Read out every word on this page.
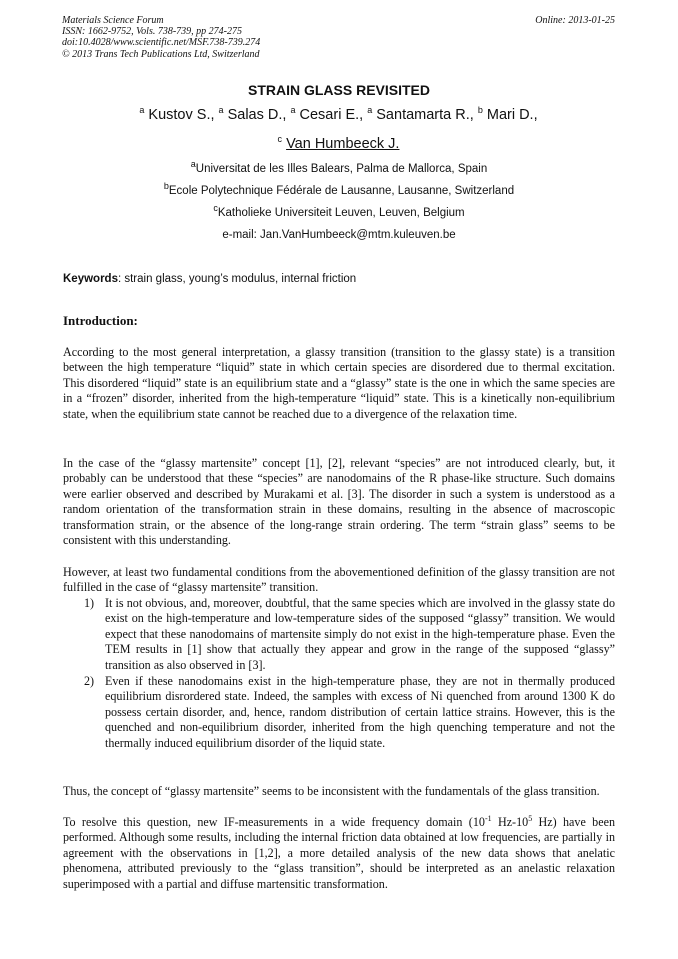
Materials Science Forum
ISSN: 1662-9752, Vols. 738-739, pp 274-275
doi:10.4028/www.scientific.net/MSF.738-739.274
© 2013 Trans Tech Publications Ltd, Switzerland
Online: 2013-01-25
STRAIN GLASS REVISITED
$^a$ Kustov S., $^a$ Salas D., $^a$ Cesari E., $^a$ Santamarta R., $^b$ Mari D.,
$^c$ Van Humbeeck J.
$^a$Universitat de les Illes Balears, Palma de Mallorca, Spain
$^b$Ecole Polytechnique Fédérale de Lausanne, Lausanne, Switzerland
$^c$Katholieke Universiteit Leuven, Leuven, Belgium
e-mail: Jan.VanHumbeeck@mtm.kuleuven.be
Keywords: strain glass, young’s modulus, internal friction
Introduction:

According to the most general interpretation, a glassy transition (transition to the glassy state) is a transition between the high temperature “liquid” state in which certain species are disordered due to thermal excitation. This disordered “liquid” state is an equilibrium state and a “glassy” state is the one in which the same species are in a “frozen” disorder, inherited from the high-temperature “liquid” state. This is a kinetically non-equilibrium state, when the equilibrium state cannot be reached due to a divergence of the relaxation time.

In the case of the “glassy martensite” concept [1], [2], relevant “species” are not introduced clearly, but, it probably can be understood that these “species” are nanodomains of the R phase-like structure. Such domains were earlier observed and described by Murakami et al. [3]. The disorder in such a system is understood as a random orientation of the transformation strain in these domains, resulting in the absence of macroscopic transformation strain, or the absence of the long-range strain ordering. The term “strain glass” seems to be consistent with this understanding.

However, at least two fundamental conditions from the abovementioned definition of the glassy transition are not fulfilled in the case of “glassy martensite” transition.

1) It is not obvious, and, moreover, doubtful, that the same species which are involved in the glassy state do exist on the high-temperature and low-temperature sides of the supposed “glassy” transition. We would expect that these nanodomains of martensite simply do not exist in the high-temperature phase. Even the TEM results in [1] show that actually they appear and grow in the range of the supposed “glassy” transition as also observed in [3].
2) Even if these nanodomains exist in the high-temperature phase, they are not in thermally produced equilibrium disrordered state. Indeed, the samples with excess of Ni quenched from around 1300 K do possess certain disorder, and, hence, random distribution of certain lattice strains. However, this is the quenched and non-equilibrium disorder, inherited from the high quenching temperature and not the thermally induced equilibrium disorder of the liquid state.

Thus, the concept of “glassy martensite” seems to be inconsistent with the fundamentals of the glass transition.

To resolve this question, new IF-measurements in a wide frequency domain ($10^{-1}$ $Hz-10^5$ Hz) have been performed. Although some results, including the internal friction data obtained at low frequencies, are partially in agreement with the observations in [1,2], a more detailed analysis of the new data shows that anelatic phenomena, attributed previously to the “glass transition”, should be interpreted as an anelastic relaxation superimposed with a partial and diffuse martensitic transformation.
